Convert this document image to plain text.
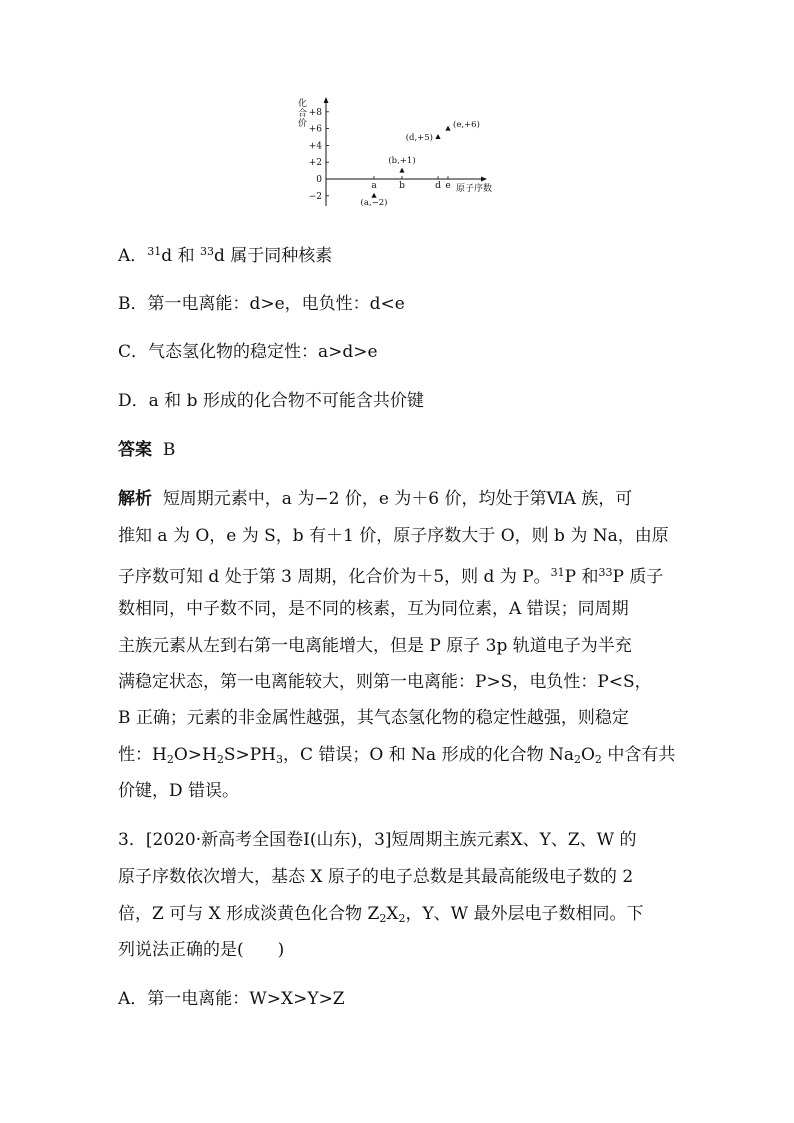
化合价
+8
+6
+4
+2
0
−2
a b	d e
(a,−2)
(b,+1)
(d,+5)
(e,+6)
原子序数
A．$^{31}$d 和 $^{33}$d 属于同种核素
B．第一电离能：d>e，电负性：d<e
C．气态氢化物的稳定性：a>d>e
D．a 和 b 形成的化合物不可能含共价键
答案 B
解析 短周期元素中，a 为−2 价，e 为＋6 价，均处于第ⅥA 族，可
推知 a 为 O，e 为 S，b 有＋1 价，原子序数大于 O，则 b 为 Na，由原
子序数可知 d 处于第 3 周期，化合价为＋5，则 d 为 P。$^{31}$P 和$^{33}$P 质子
数相同，中子数不同，是不同的核素，互为同位素，A 错误；同周期
主族元素从左到右第一电离能增大，但是 P 原子 3p 轨道电子为半充
满稳定状态，第一电离能较大，则第一电离能：P>S，电负性：P<S，
B 正确；元素的非金属性越强，其气态氢化物的稳定性越强，则稳定
性：$H_2O>H_2S>PH_3$，C 错误；O 和 Na 形成的化合物 $Na_2O_2$ 中含有共
价键，D 错误。
3．[2020·新高考全国卷Ⅰ(山东)，3]短周期主族元素X、Y、Z、W 的
原子序数依次增大，基态 X 原子的电子总数是其最高能级电子数的 2
倍，Z 可与 X 形成淡黄色化合物 $Z_2X_2$，Y、W 最外层电子数相同。下
列说法正确的是(　　)
A．第一电离能：W>X>Y>Z
